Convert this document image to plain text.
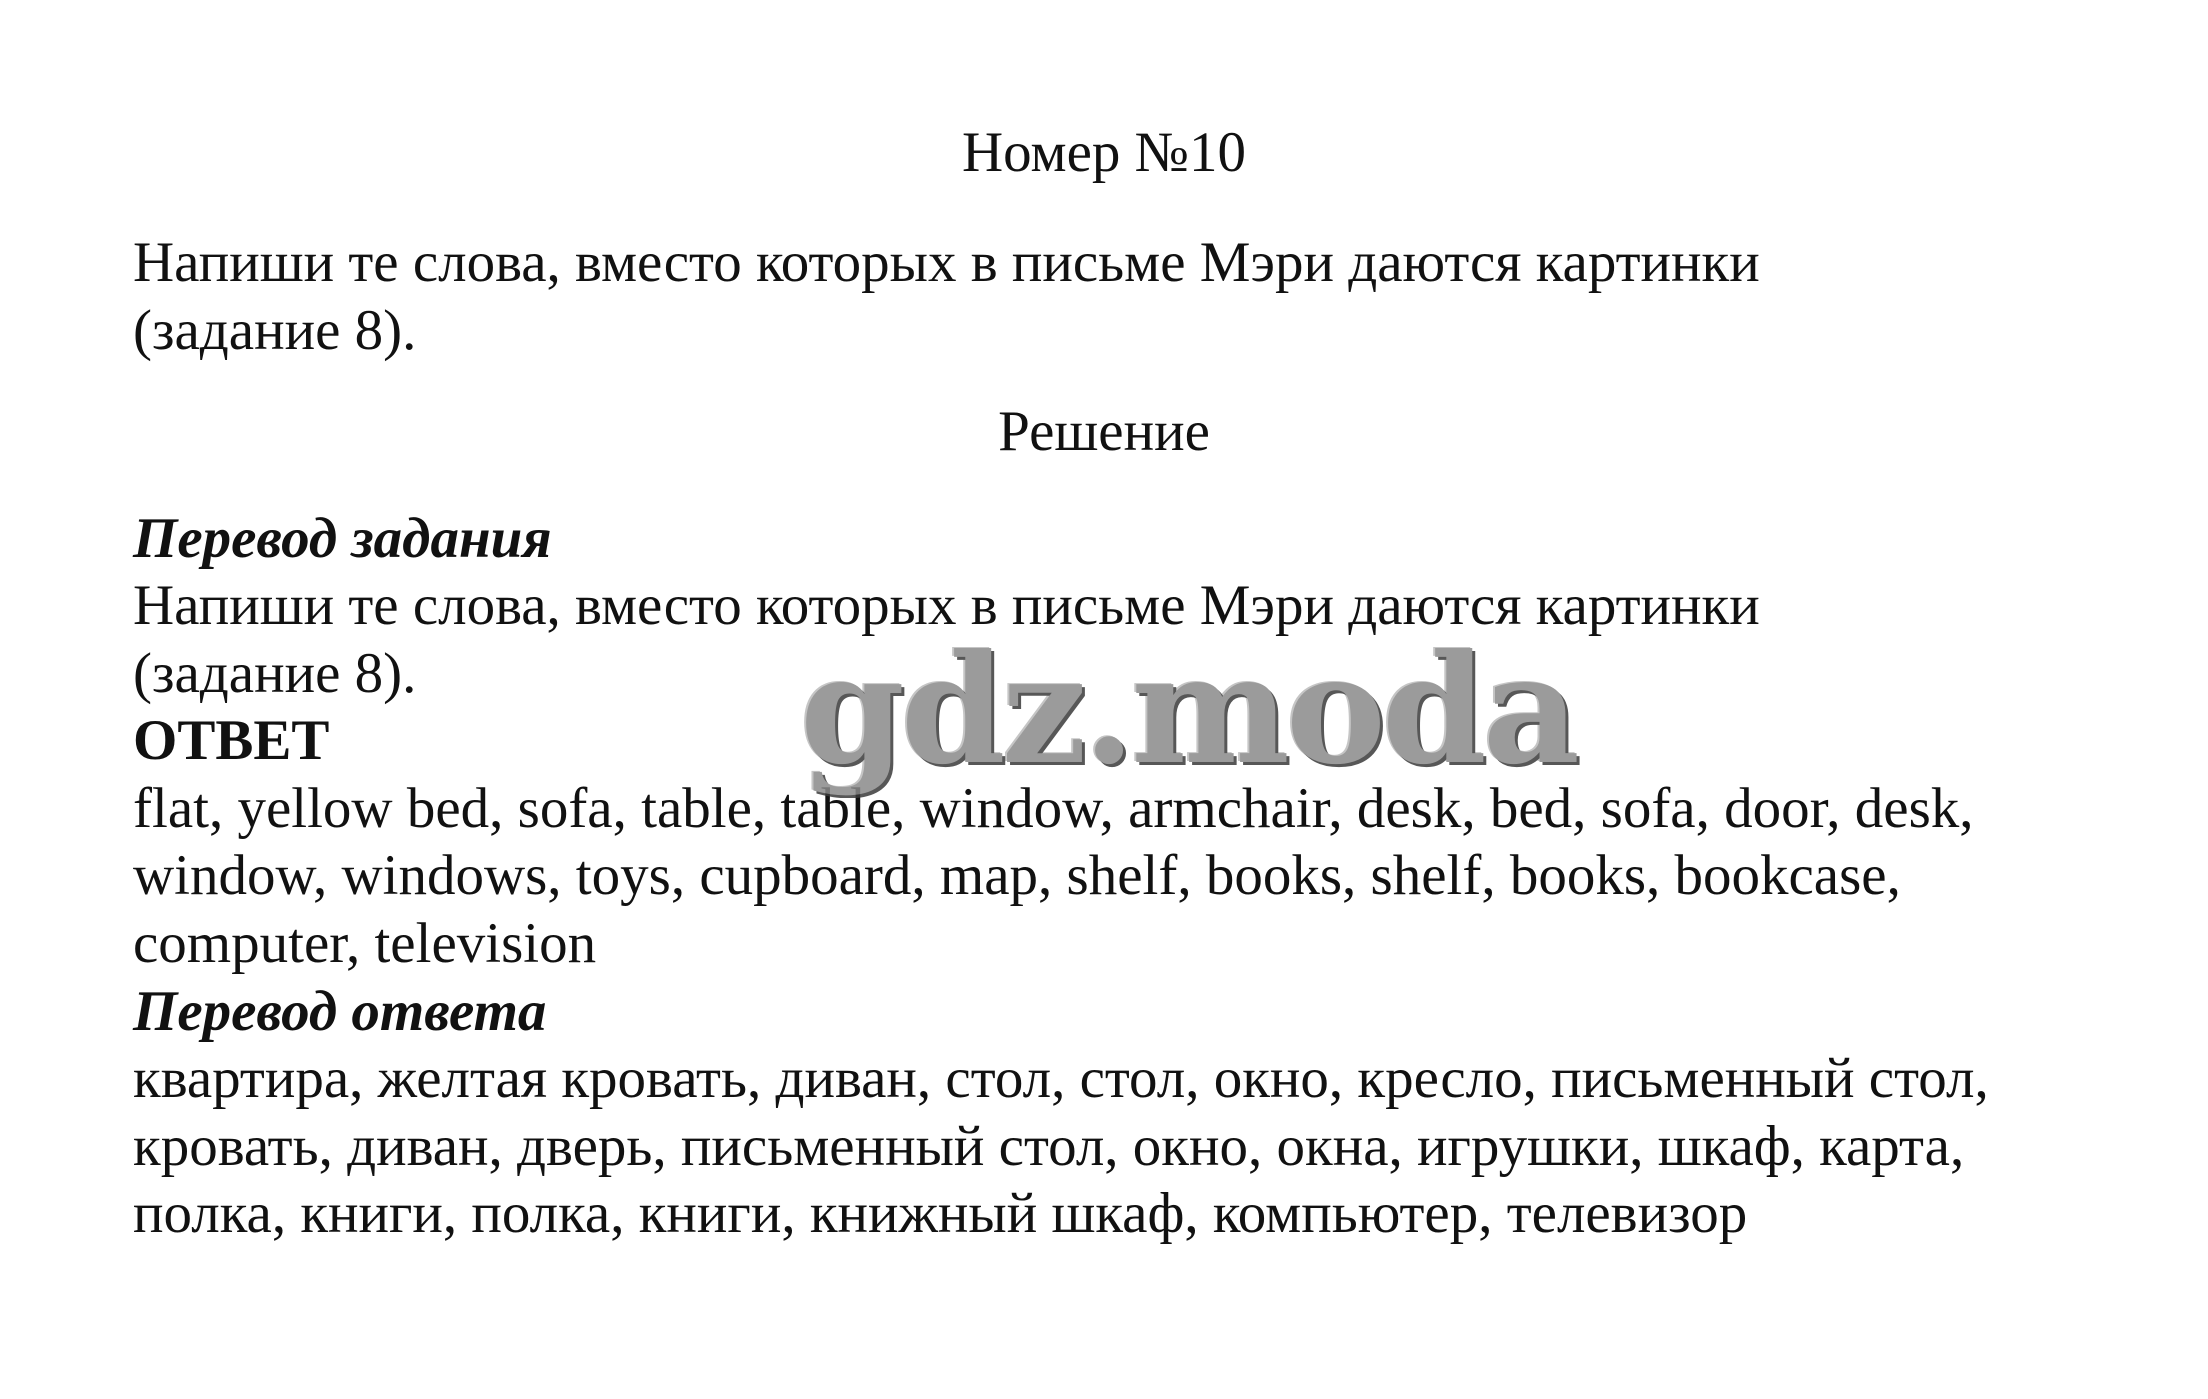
Номер №10
Напиши те слова, вместо которых в письме Мэри даются картинки
(задание 8).
Решение
Перевод задания
Напиши те слова, вместо которых в письме Мэри даются картинки
(задание 8).
ОТВЕТ
flat, yellow bed, sofa, table, table, window, armchair, desk, bed, sofa, door, desk,
window, windows, toys, cupboard, map, shelf, books, shelf, books, bookcase,
computer, television
Перевод ответа
квартира, желтая кровать, диван, стол, стол, окно, кресло, письменный стол,
кровать, диван, дверь, письменный стол, окно, окна, игрушки, шкаф, карта,
полка, книги, полка, книги, книжный шкаф, компьютер, телевизор
gdz.moda
